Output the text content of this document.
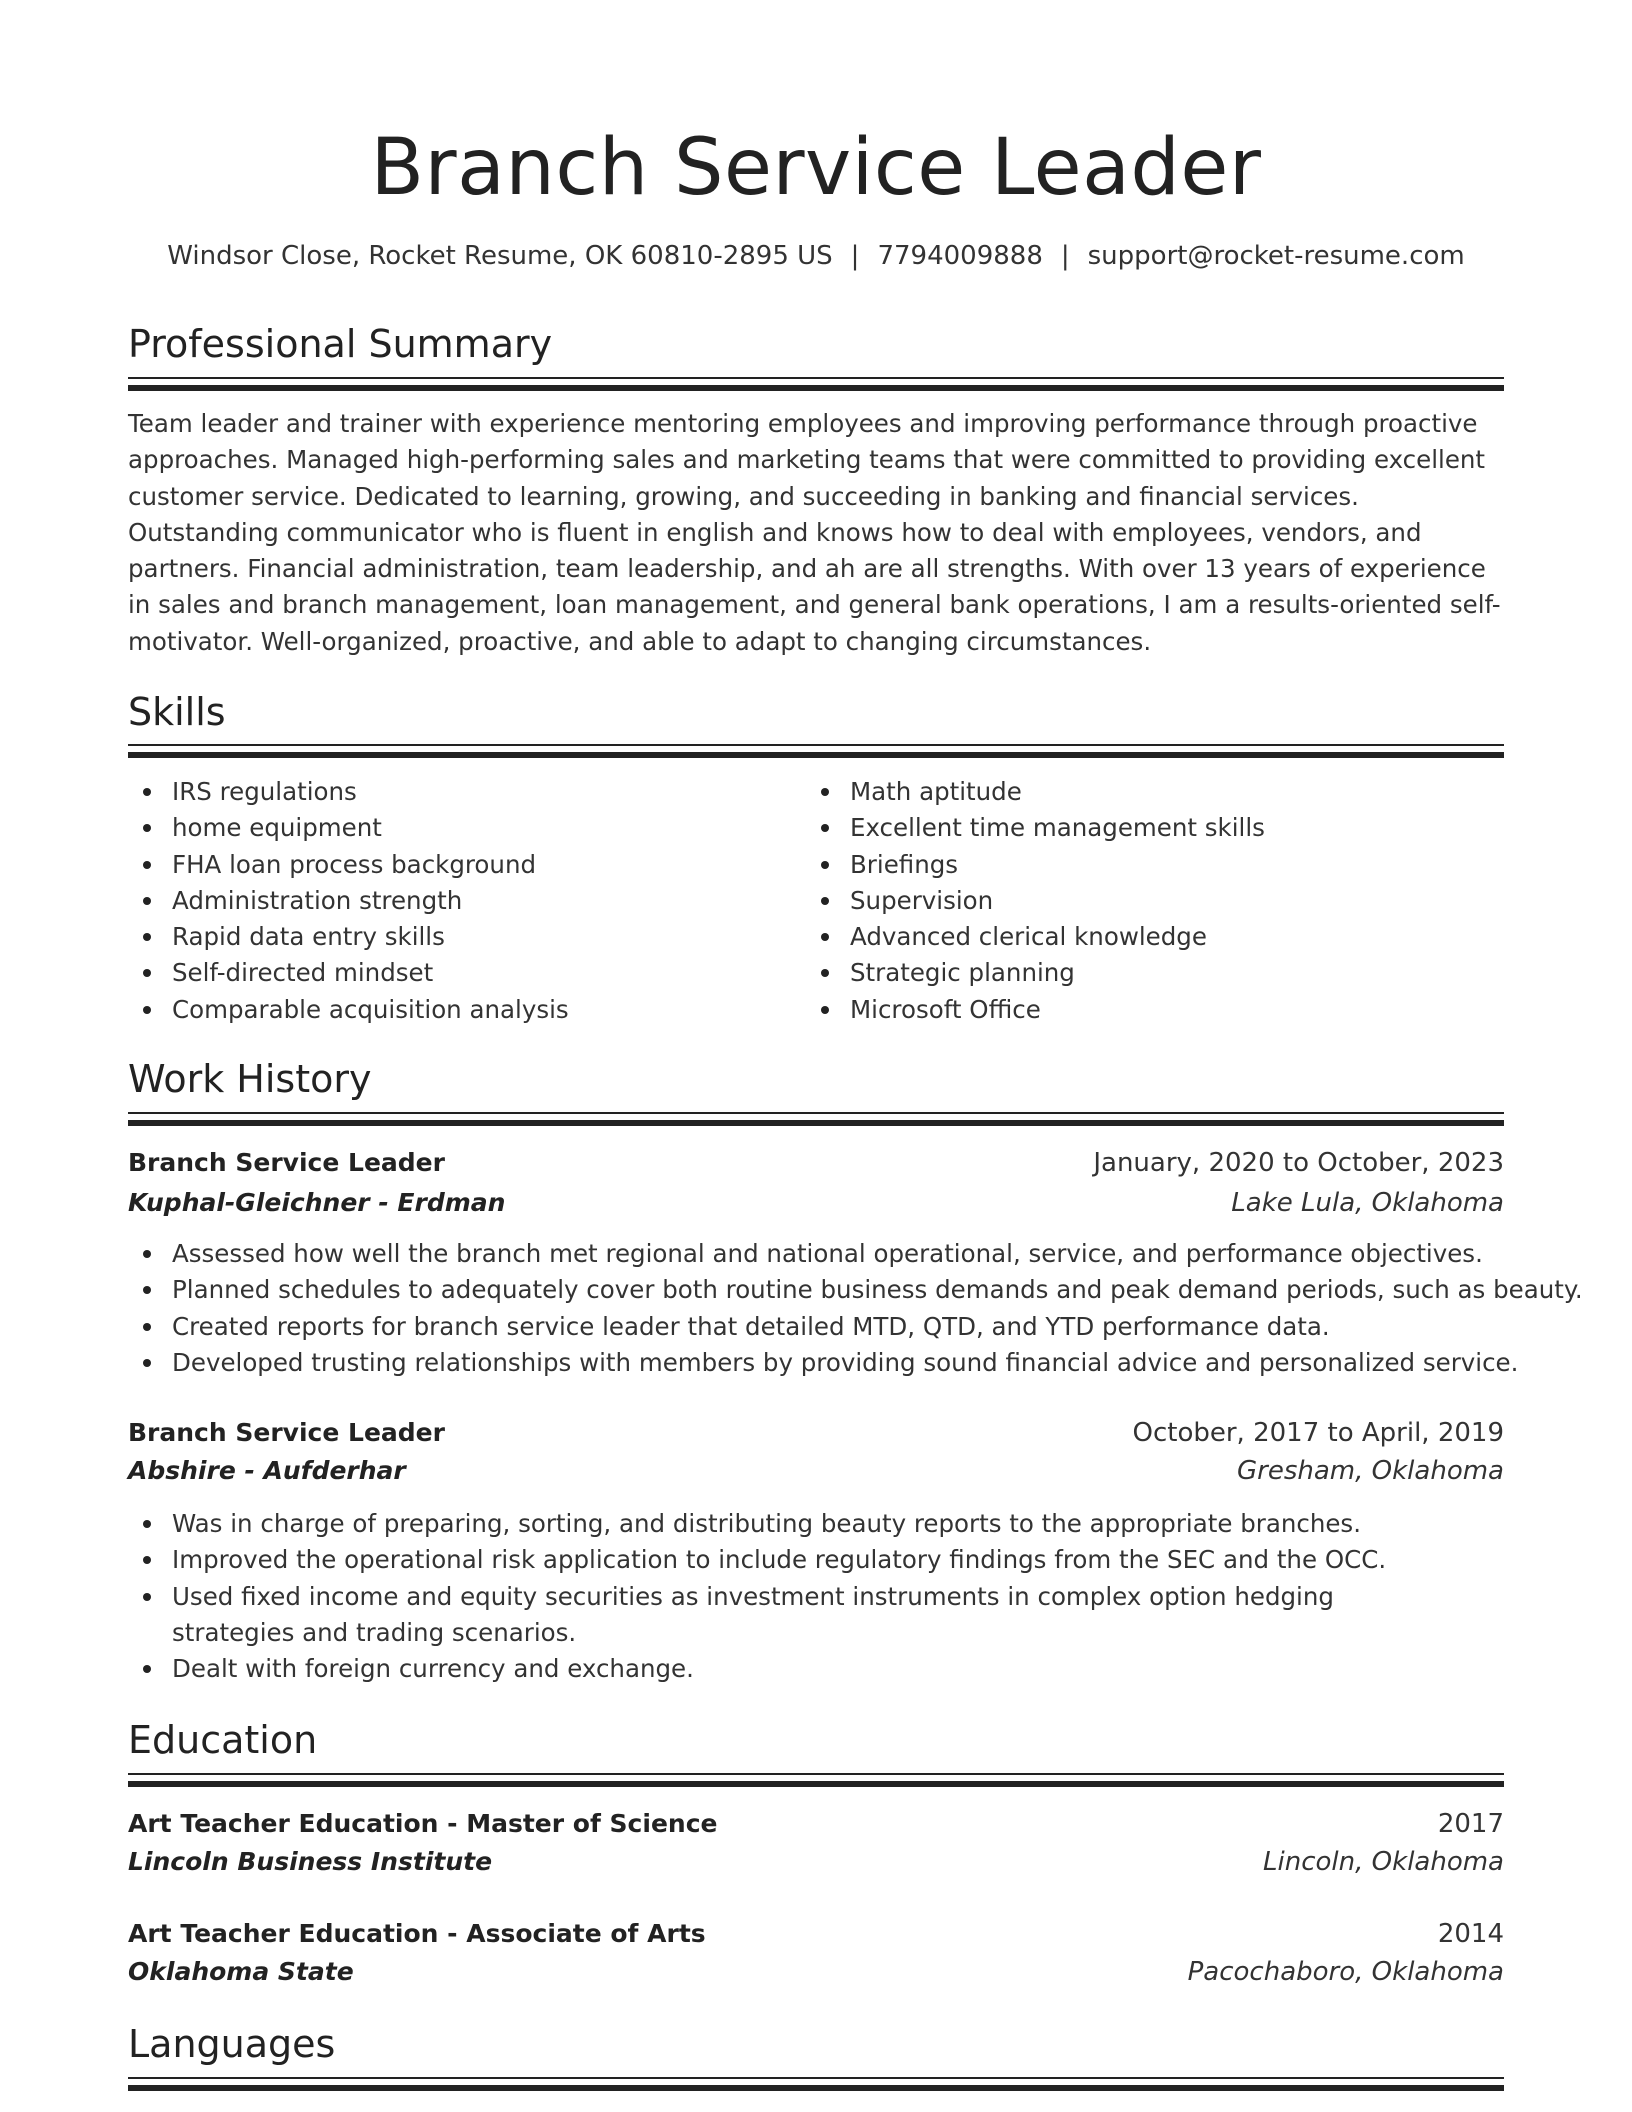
Branch Service Leader
Windsor Close, Rocket Resume, OK 60810-2895 US | 7794009888 | support@rocket-resume.com
Professional Summary
Team leader and trainer with experience mentoring employees and improving performance through proactive approaches. Managed high-performing sales and marketing teams that were committed to providing excellent customer service. Dedicated to learning, growing, and succeeding in banking and financial services. Outstanding communicator who is fluent in english and knows how to deal with employees, vendors, and partners. Financial administration, team leadership, and ah are all strengths. With over 13 years of experience in sales and branch management, loan management, and general bank operations, I am a results-oriented self-motivator. Well-organized, proactive, and able to adapt to changing circumstances.
Skills
IRS regulations
home equipment
FHA loan process background
Administration strength
Rapid data entry skills
Self-directed mindset
Comparable acquisition analysis
Math aptitude
Excellent time management skills
Briefings
Supervision
Advanced clerical knowledge
Strategic planning
Microsoft Office
Work History
Branch Service Leader	January, 2020 to October, 2023
Kuphal-Gleichner - Erdman	Lake Lula, Oklahoma
Assessed how well the branch met regional and national operational, service, and performance objectives.
Planned schedules to adequately cover both routine business demands and peak demand periods, such as beauty.
Created reports for branch service leader that detailed MTD, QTD, and YTD performance data.
Developed trusting relationships with members by providing sound financial advice and personalized service.
Branch Service Leader	October, 2017 to April, 2019
Abshire - Aufderhar	Gresham, Oklahoma
Was in charge of preparing, sorting, and distributing beauty reports to the appropriate branches.
Improved the operational risk application to include regulatory findings from the SEC and the OCC.
Used fixed income and equity securities as investment instruments in complex option hedging strategies and trading scenarios.
Dealt with foreign currency and exchange.
Education
Art Teacher Education - Master of Science	2017
Lincoln Business Institute	Lincoln, Oklahoma
Art Teacher Education - Associate of Arts	2014
Oklahoma State	Pacochaboro, Oklahoma
Languages
